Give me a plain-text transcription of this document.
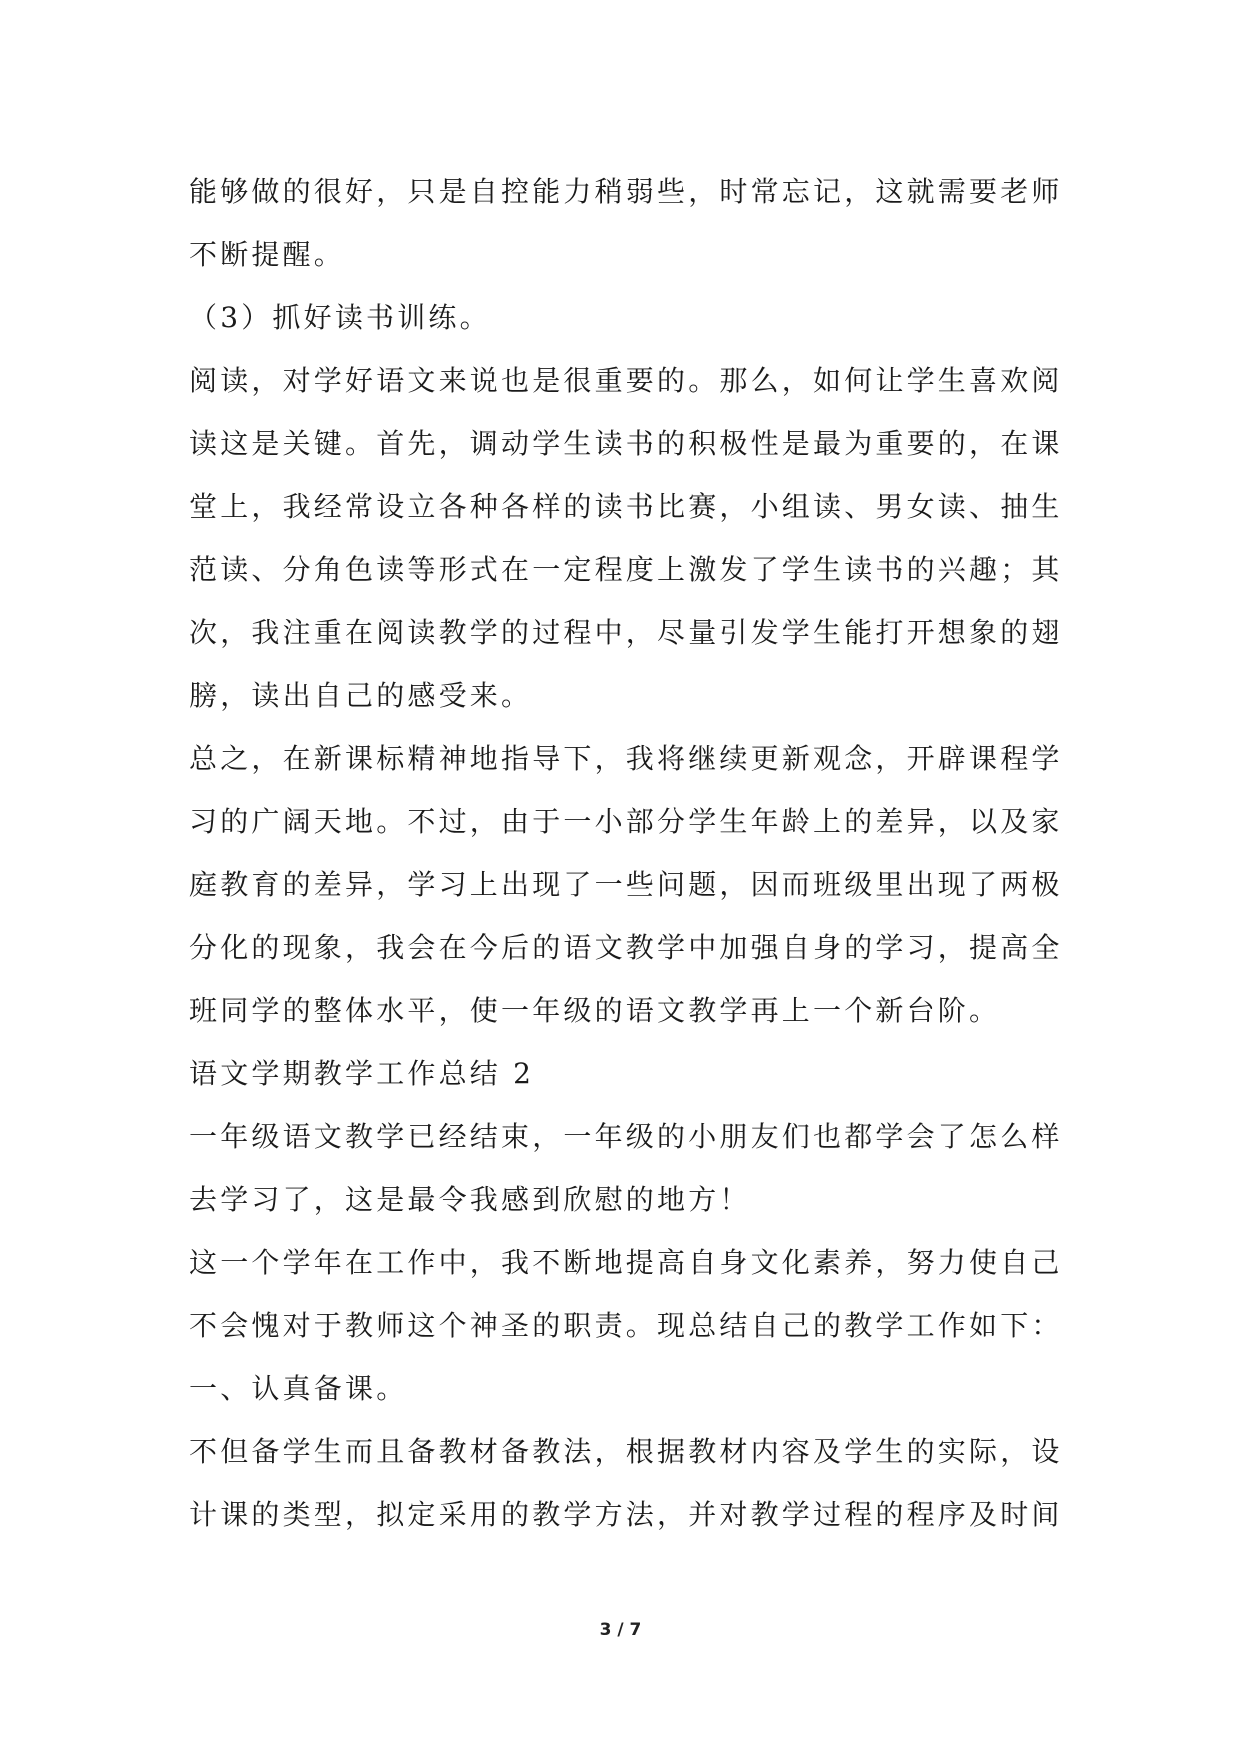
能够做的很好，只是自控能力稍弱些，时常忘记，这就需要老师
不断提醒。
（3）抓好读书训练。
阅读，对学好语文来说也是很重要的。那么，如何让学生喜欢阅
读这是关键。首先，调动学生读书的积极性是最为重要的，在课
堂上，我经常设立各种各样的读书比赛，小组读、男女读、抽生
范读、分角色读等形式在一定程度上激发了学生读书的兴趣；其
次，我注重在阅读教学的过程中，尽量引发学生能打开想象的翅
膀，读出自己的感受来。
总之，在新课标精神地指导下，我将继续更新观念，开辟课程学
习的广阔天地。不过，由于一小部分学生年龄上的差异，以及家
庭教育的差异，学习上出现了一些问题，因而班级里出现了两极
分化的现象，我会在今后的语文教学中加强自身的学习，提高全
班同学的整体水平，使一年级的语文教学再上一个新台阶。
语文学期教学工作总结 2
一年级语文教学已经结束，一年级的小朋友们也都学会了怎么样
去学习了，这是最令我感到欣慰的地方！
这一个学年在工作中，我不断地提高自身文化素养，努力使自己
不会愧对于教师这个神圣的职责。现总结自己的教学工作如下：
一、认真备课。
不但备学生而且备教材备教法，根据教材内容及学生的实际，设
计课的类型，拟定采用的教学方法，并对教学过程的程序及时间
3 / 7
